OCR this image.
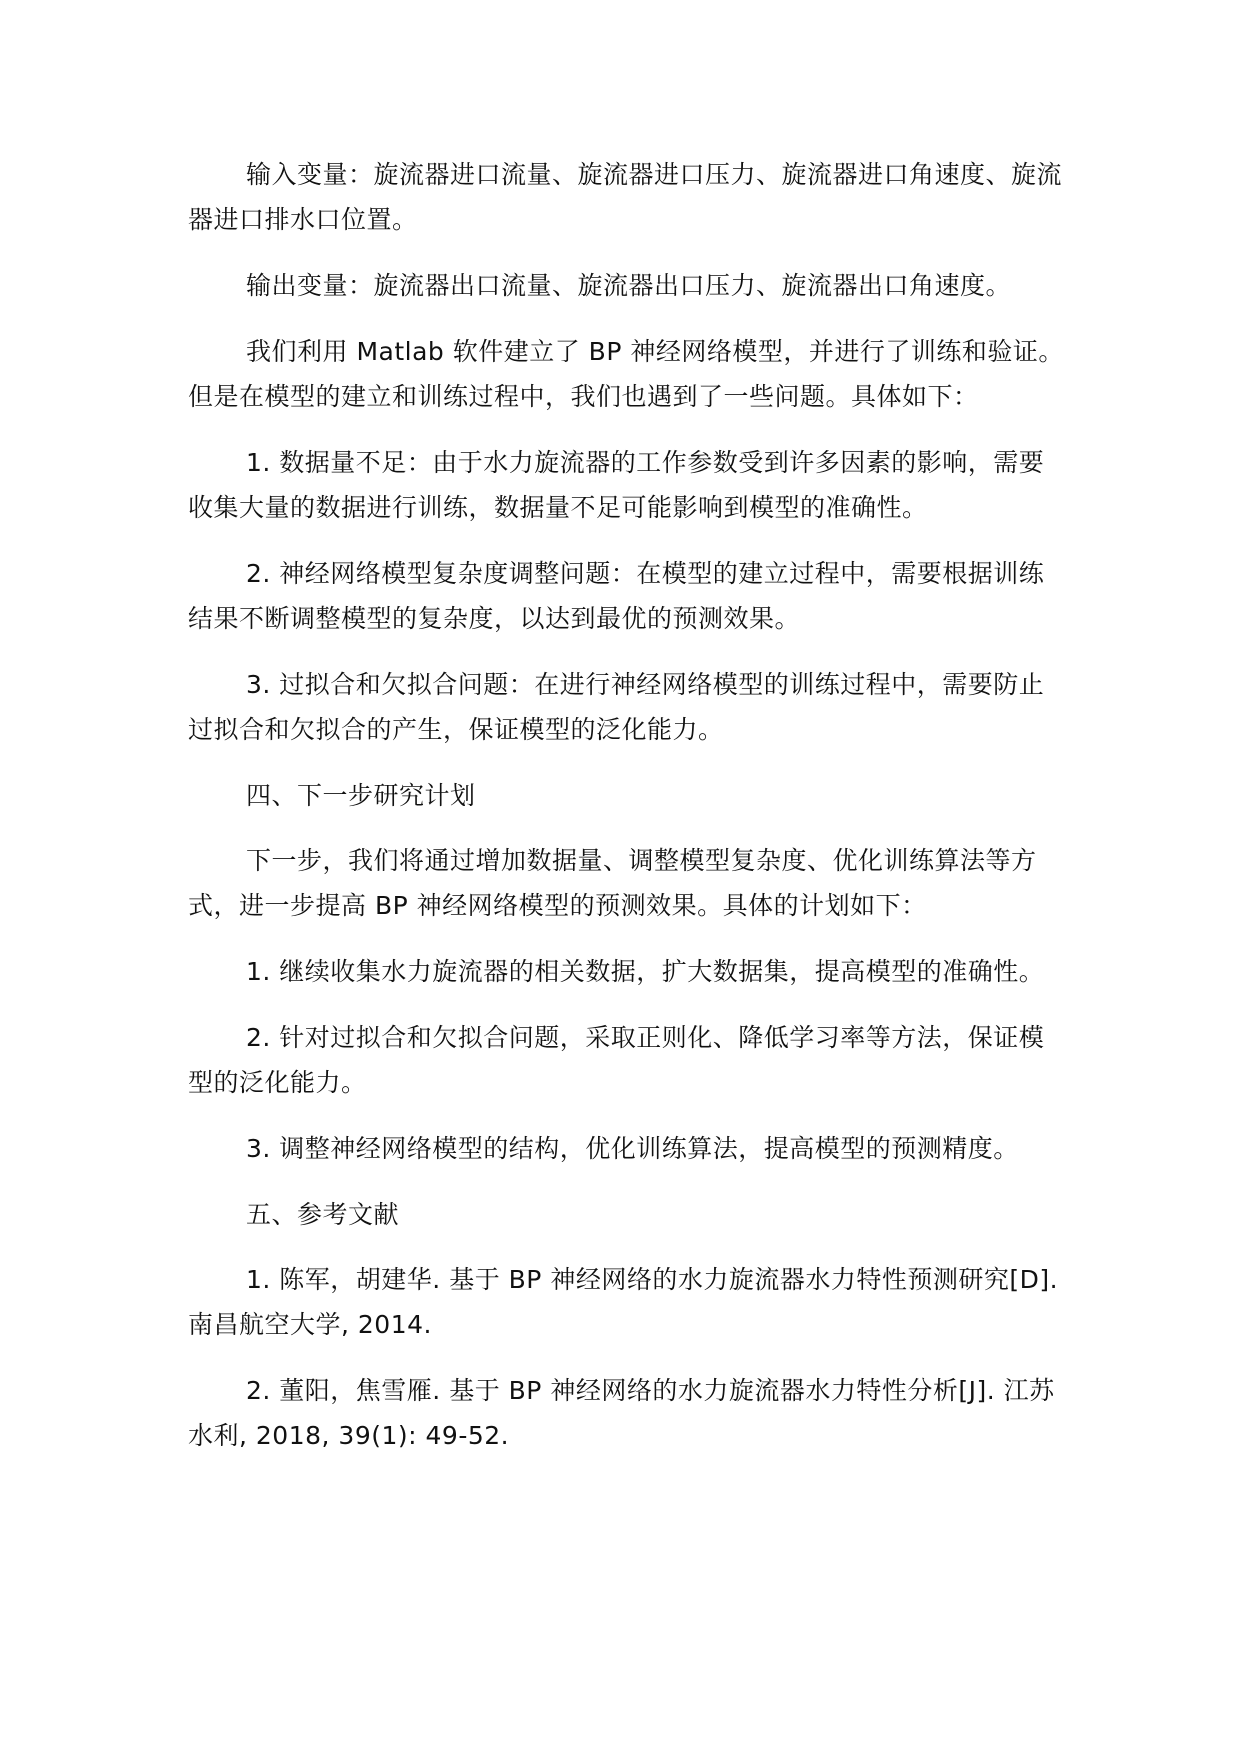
输入变量：旋流器进口流量、旋流器进口压力、旋流器进口角速度、旋流器进口排水口位置。

输出变量：旋流器出口流量、旋流器出口压力、旋流器出口角速度。

我们利用 Matlab 软件建立了 BP 神经网络模型，并进行了训练和验证。但是在模型的建立和训练过程中，我们也遇到了一些问题。具体如下：

1. 数据量不足：由于水力旋流器的工作参数受到许多因素的影响，需要收集大量的数据进行训练，数据量不足可能影响到模型的准确性。

2. 神经网络模型复杂度调整问题：在模型的建立过程中，需要根据训练结果不断调整模型的复杂度，以达到最优的预测效果。

3. 过拟合和欠拟合问题：在进行神经网络模型的训练过程中，需要防止过拟合和欠拟合的产生，保证模型的泛化能力。

四、下一步研究计划

下一步，我们将通过增加数据量、调整模型复杂度、优化训练算法等方式，进一步提高 BP 神经网络模型的预测效果。具体的计划如下：

1. 继续收集水力旋流器的相关数据，扩大数据集，提高模型的准确性。

2. 针对过拟合和欠拟合问题，采取正则化、降低学习率等方法，保证模型的泛化能力。

3. 调整神经网络模型的结构，优化训练算法，提高模型的预测精度。

五、参考文献

1. 陈军，胡建华. 基于 BP 神经网络的水力旋流器水力特性预测研究[D]. 南昌航空大学, 2014.

2. 董阳，焦雪雁. 基于 BP 神经网络的水力旋流器水力特性分析[J]. 江苏水利, 2018, 39(1): 49-52.
